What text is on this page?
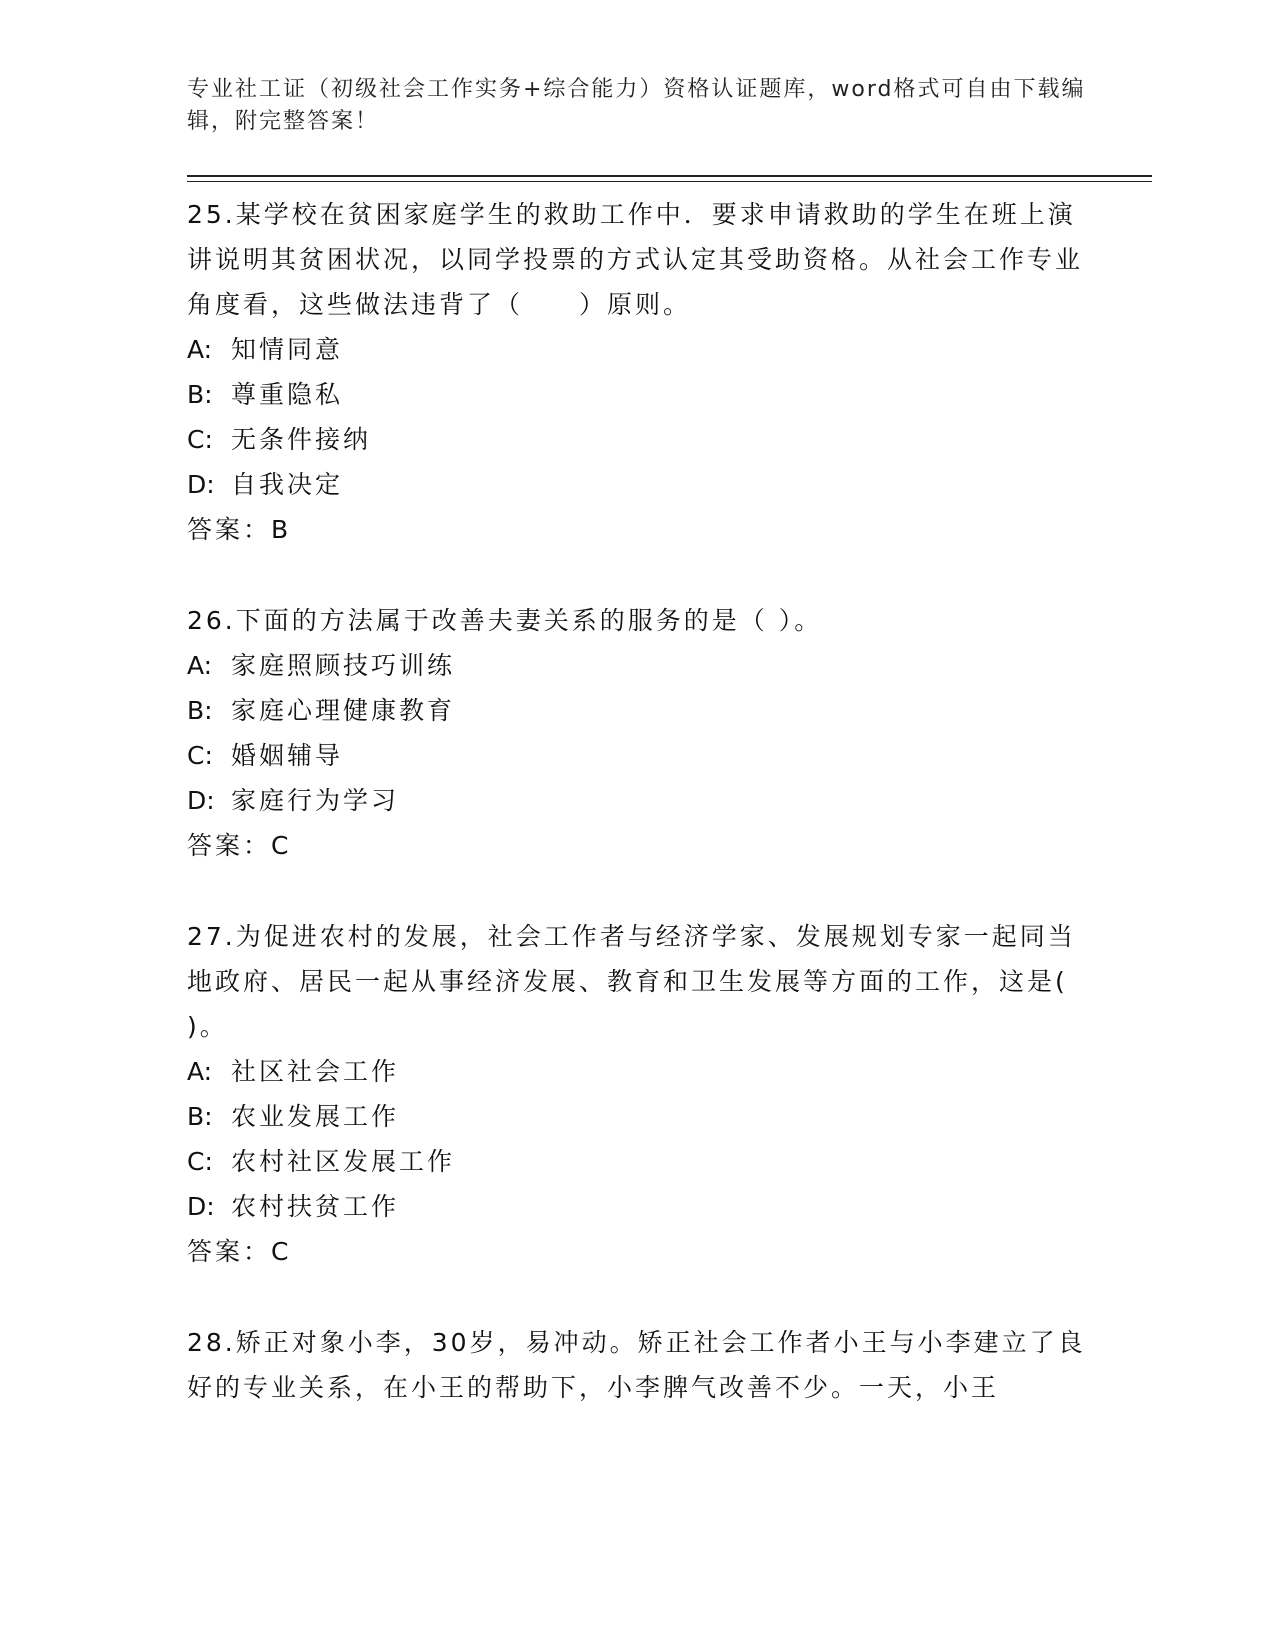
专业社工证（初级社会工作实务+综合能力）资格认证题库，word格式可自由下载编辑，附完整答案！

25.某学校在贫困家庭学生的救助工作中．要求申请救助的学生在班上演讲说明其贫困状况，以同学投票的方式认定其受助资格。从社会工作专业角度看，这些做法违背了（　　）原则。

A: 知情同意

B: 尊重隐私

C: 无条件接纳

D: 自我决定

答案：B

26.下面的方法属于改善夫妻关系的服务的是（ ）。

A: 家庭照顾技巧训练

B: 家庭心理健康教育

C: 婚姻辅导

D: 家庭行为学习

答案：C

27.为促进农村的发展，社会工作者与经济学家、发展规划专家一起同当地政府、居民一起从事经济发展、教育和卫生发展等方面的工作，这是( )。

A: 社区社会工作

B: 农业发展工作

C: 农村社区发展工作

D: 农村扶贫工作

答案：C

28.矫正对象小李，30岁，易冲动。矫正社会工作者小王与小李建立了良好的专业关系，在小王的帮助下，小李脾气改善不少。一天，小王
